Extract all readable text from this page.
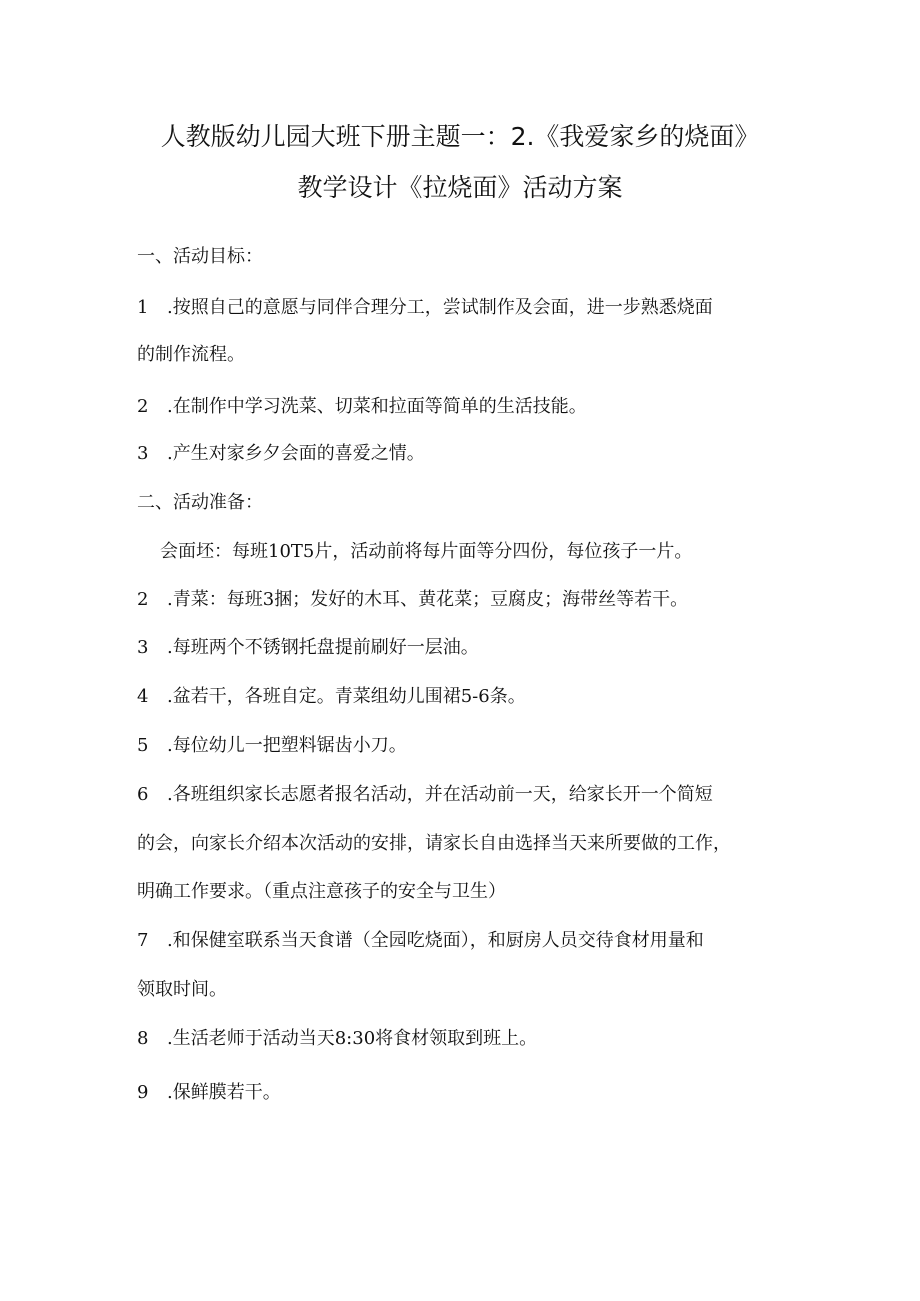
人教版幼儿园大班下册主题一：2.《我爱家乡的烧面》
教学设计《拉烧面》活动方案

一、活动目标：

1 .按照自己的意愿与同伴合理分工，尝试制作及会面，进一步熟悉烧面

的制作流程。

2 .在制作中学习洗菜、切菜和拉面等简单的生活技能。

3 .产生对家乡夕会面的喜爱之情。

二、活动准备：

会面坯：每班10T5片，活动前将每片面等分四份，每位孩子一片。

2 .青菜：每班3捆；发好的木耳、黄花菜；豆腐皮；海带丝等若干。

3 .每班两个不锈钢托盘提前刷好一层油。

4 .盆若干，各班自定。青菜组幼儿围裙5-6条。

5 .每位幼儿一把塑料锯齿小刀。

6 .各班组织家长志愿者报名活动，并在活动前一天，给家长开一个简短

的会，向家长介绍本次活动的安排，请家长自由选择当天来所要做的工作，

明确工作要求。（重点注意孩子的安全与卫生）

7 .和保健室联系当天食谱（全园吃烧面），和厨房人员交待食材用量和

领取时间。

8 .生活老师于活动当天8:30将食材领取到班上。

9 .保鲜膜若干。
